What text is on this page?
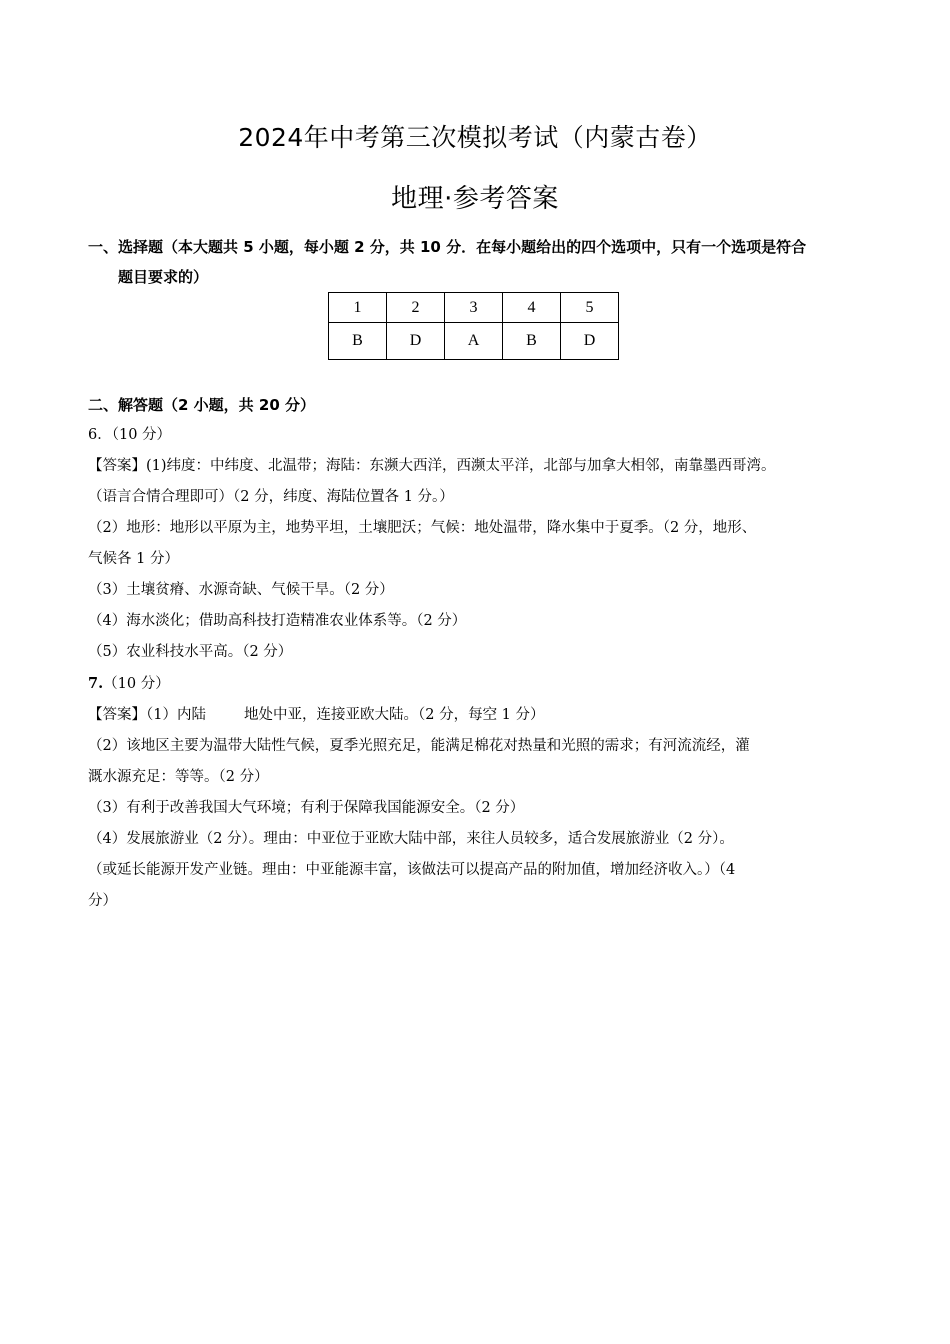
2024年中考第三次模拟考试（内蒙古卷）
地理·参考答案
一、选择题（本大题共 5 小题，每小题 2 分，共 10 分．在每小题给出的四个选项中，只有一个选项是符合
题目要求的）
1	2	3	4	5
B	D	A	B	D
二、解答题（2 小题，共 20 分）
6．（10 分）
【答案】(1)纬度：中纬度、北温带；海陆：东濒大西洋，西濒太平洋，北部与加拿大相邻，南靠墨西哥湾。
（语言合情合理即可）（2 分，纬度、海陆位置各 1 分。）
（2）地形：地形以平原为主，地势平坦，土壤肥沃；气候：地处温带，降水集中于夏季。（2 分，地形、
气候各 1 分）
（3）土壤贫瘠、水源奇缺、气候干旱。（2 分）
（4）海水淡化；借助高科技打造精准农业体系等。（2 分）
（5）农业科技水平高。（2 分）
7.（10 分）
【答案】（1）内陆	地处中亚，连接亚欧大陆。（2 分，每空 1 分）
（2）该地区主要为温带大陆性气候，夏季光照充足，能满足棉花对热量和光照的需求；有河流流经，灌
溉水源充足：等等。（2 分）
（3）有利于改善我国大气环境；有利于保障我国能源安全。（2 分）
（4）发展旅游业（2 分）。理由：中亚位于亚欧大陆中部，来往人员较多，适合发展旅游业（2 分）。
（或延长能源开发产业链。理由：中亚能源丰富，该做法可以提高产品的附加值，增加经济收入。）（4
分）
